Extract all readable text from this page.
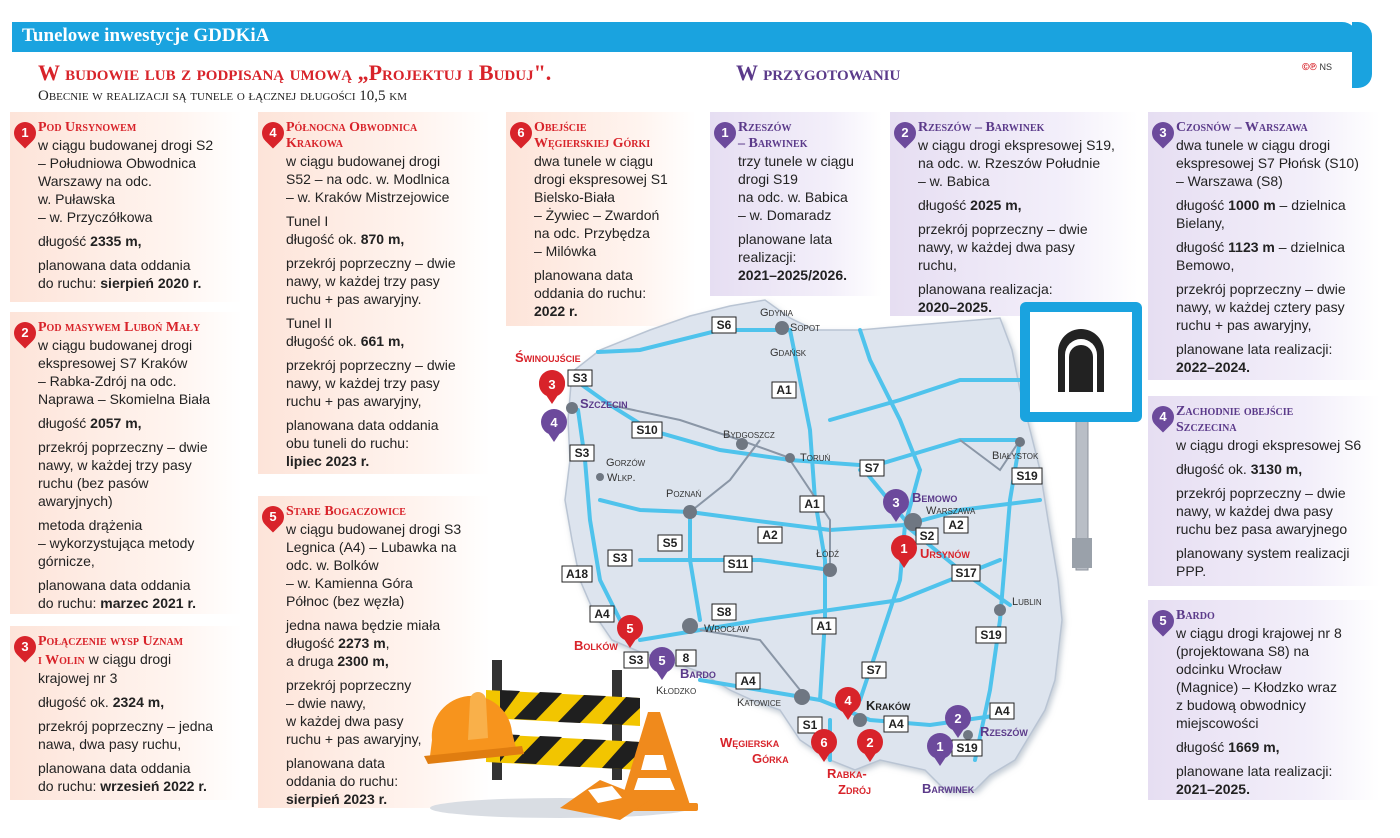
Tunelowe inwestycje GDDKiA
W budowie lub z podpisaną umową „Projektuj i Buduj".
Obecnie w realizacji są tunele o łącznej długości 10,5 km
W przygotowaniu	©℗ NS
1 Pod Ursynowem
w ciągu budowanej drogi S2
– Południowa Obwodnica
Warszawy na odc.
w. Puławska
– w. Przyczółkowa
długość 2335 m,
planowana data oddania
do ruchu: sierpień 2020 r.
2 Pod masywem Luboń Mały
w ciągu budowanej drogi
ekspresowej S7 Kraków
– Rabka-Zdrój na odc.
Naprawa – Skomielna Biała
długość 2057 m,
przekrój poprzeczny – dwie
nawy, w każdej trzy pasy
ruchu (bez pasów
awaryjnych)
metoda drążenia
– wykorzystująca metody
górnicze,
planowana data oddania
do ruchu: marzec 2021 r.
3 Połączenie wysp Uznam
i Wolin w ciągu drogi
krajowej nr 3
długość ok. 2324 m,
przekrój poprzeczny – jedna
nawa, dwa pasy ruchu,
planowana data oddania
do ruchu: wrzesień 2022 r.
4 Północna Obwodnica
Krakowa
w ciągu budowanej drogi
S52 – na odc. w. Modlnica
– w. Kraków Mistrzejowice
Tunel I
długość ok. 870 m,
przekrój poprzeczny – dwie
nawy, w każdej trzy pasy
ruchu + pas awaryjny.
Tunel II
długość ok. 661 m,
przekrój poprzeczny – dwie
nawy, w każdej trzy pasy
ruchu + pas awaryjny,
planowana data oddania
obu tuneli do ruchu:
lipiec 2023 r.
5 Stare Bogaczowice
w ciągu budowanej drogi S3
Legnica (A4) – Lubawka na
odc. w. Bolków
– w. Kamienna Góra
Północ (bez węzła)
jedna nawa będzie miała
długość 2273 m,
a druga 2300 m,
przekrój poprzeczny
– dwie nawy,
w każdej dwa pasy
ruchu + pas awaryjny,
planowana data
oddania do ruchu:
sierpień 2023 r.
6 Obejście
Węgierskiej Górki
dwa tunele w ciągu
drogi ekspresowej S1
Bielsko-Biała
– Żywiec – Zwardoń
na odc. Przybędza
– Milówka
planowana data
oddania do ruchu:
2022 r.
1 Rzeszów
– Barwinek
trzy tunele w ciągu
drogi S19
na odc. w. Babica
– w. Domaradz
planowane lata
realizacji:
2021–2025/2026.
2 Rzeszów – Barwinek
w ciągu drogi ekspresowej S19,
na odc. w. Rzeszów Południe
– w. Babica
długość 2025 m,
przekrój poprzeczny – dwie
nawy, w każdej dwa pasy
ruchu,
planowana realizacja:
2020–2025.
3 Czosnów – Warszawa
dwa tunele w ciągu drogi
ekspresowej S7 Płońsk (S10)
– Warszawa (S8)
długość 1000 m – dzielnica
Bielany,
długość 1123 m – dzielnica
Bemowo,
przekrój poprzeczny – dwie
nawy, w każdej cztery pasy
ruchu + pas awaryjny,
planowane lata realizacji:
2022–2024.
4 Zachodnie obejście
Szczecina
w ciągu drogi ekspresowej S6
długość ok. 3130 m,
przekrój poprzeczny – dwie
nawy, w każdej dwa pasy
ruchu bez pasa awaryjnego
planowany system realizacji
PPP.
5 Bardo
w ciągu drogi krajowej nr 8
(projektowana S8) na
odcinku Wrocław
(Magnice) – Kłodzko wraz
z budową obwodnicy
miejscowości
długość 1669 m,
planowane lata realizacji:
2021–2025.
S6
A1
S3
S10
S3
S7
S19
A1
S5
A2	S2
A2
S3	S11
S17
A18
S8
A4
A1
S19
S3	8
A4
S7
S1	A4
A4
S19
Gdynia
Sopot
Gdańsk
Bydgoszcz
Toruń
Gorzów
Wlkp.
Poznań
Białystok
Warszawa
Łódź
Lublin
Wrocław
Kłodzko
Katowice
Szczecin
Bemowo
Bardo
Rzeszów
Barwinek
Świnoujście
Ursynów
Bolków
Węgierska
Górka
Rabka-
Zdrój
Kraków
3
4
5
5
3
1
4
6	2
2
1
